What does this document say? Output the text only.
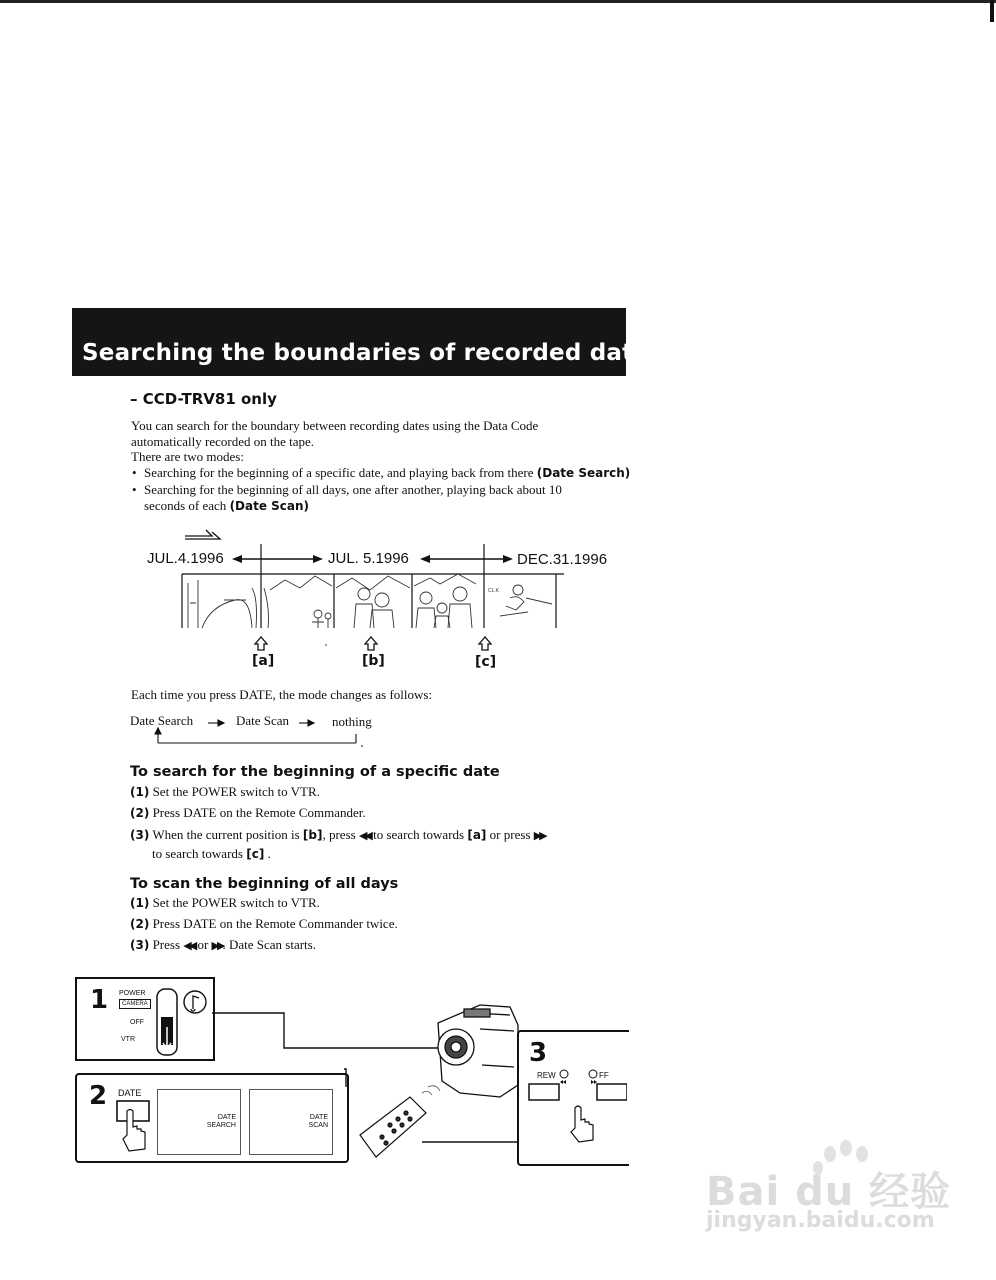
Searching the boundaries of recorded date
– CCD-TRV81 only
You can search for the boundary between recording dates using the Data Code
automatically recorded on the tape.
There are two modes:
• Searching for the beginning of a specific date, and playing back from there (Date Search)
• Searching for the beginning of all days, one after another, playing back about 10
seconds of each (Date Scan)
CL.K
JUL.4.1996	JUL. 5.1996	DEC.31.1996
[a]	[b]	[c]
Each time you press DATE, the mode changes as follows:
Date Search	Date Scan	nothing
To search for the beginning of a specific date
(1) Set the POWER switch to VTR.
(2) Press DATE on the Remote Commander.
(3) When the current position is [b], press ◀◀ to search towards [a] or press ▶▶
to search towards [c] .
To scan the beginning of all days
(1) Set the POWER switch to VTR.
(2) Press DATE on the Remote Commander twice.
(3) Press ◀◀ or ▶▶. Date Scan starts.
1 POWER
CAMERA
OFF
VTR
2 DATE
DATE
SEARCH
DATE
SCAN
3
REW	FF
Bai du 经验
jingyan.baidu.com
